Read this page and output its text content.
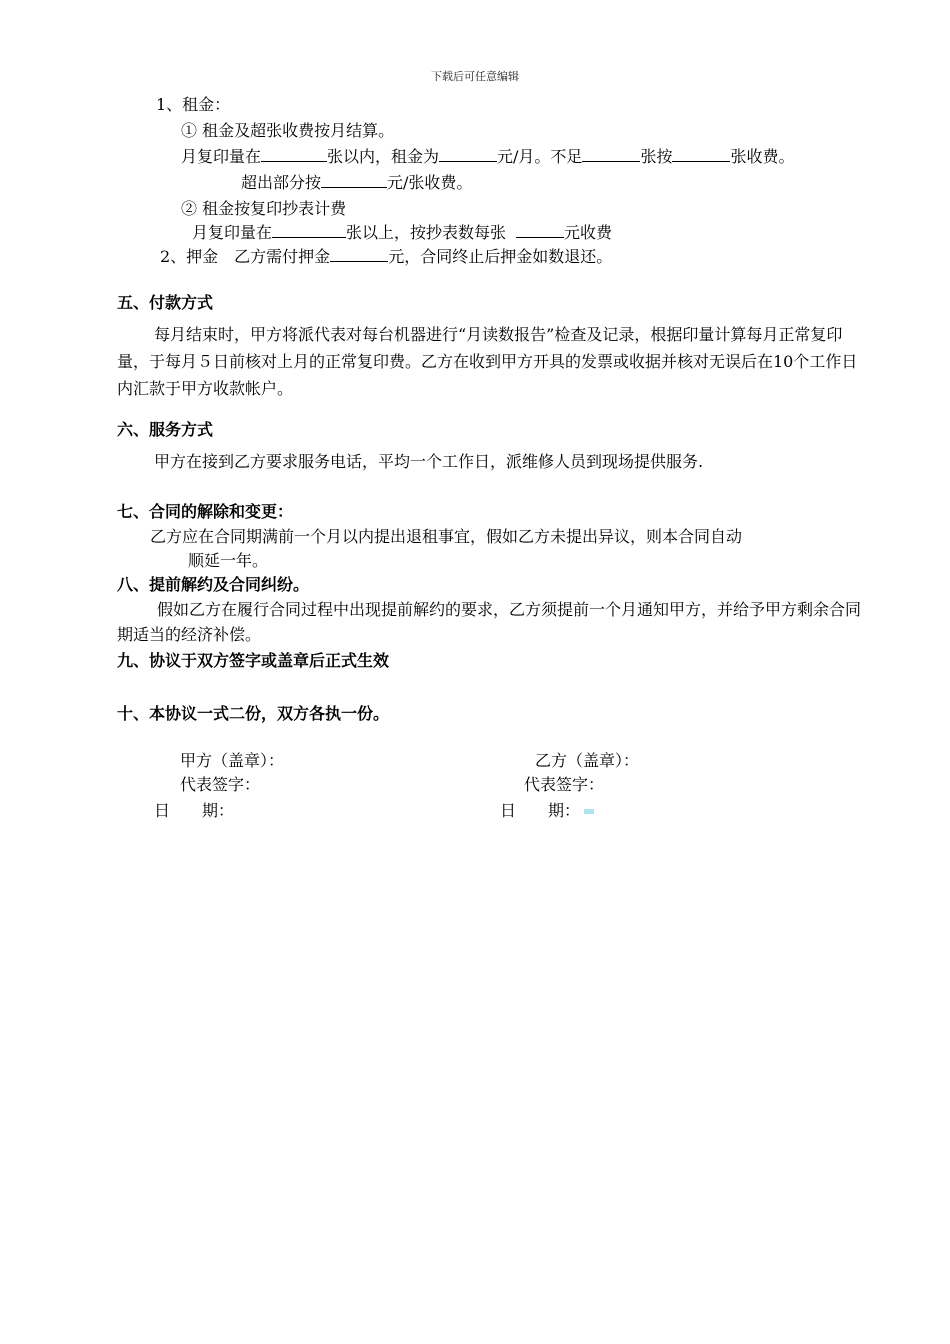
下载后可任意编辑
1、租金：
① 租金及超张收费按月结算。
月复印量在	张以内，租金为	元/月。不足	张按	张收费。
超出部分按	元/张收费。
② 租金按复印抄表计费
月复印量在	张以上，按抄表数每张	元收费
2、押金　乙方需付押金	元，合同终止后押金如数退还。
五、付款方式
每月结束时，甲方将派代表对每台机器进行“月读数报告”检查及记录，根据印量计算每月正常复印量，于每月５日前核对上月的正常复印费。乙方在收到甲方开具的发票或收据并核对无误后在10个工作日内汇款于甲方收款帐户。
六、服务方式
甲方在接到乙方要求服务电话，平均一个工作日，派维修人员到现场提供服务.
七、合同的解除和变更：
乙方应在合同期满前一个月以内提出退租事宜，假如乙方未提出异议，则本合同自动
顺延一年。
八、提前解约及合同纠纷。
假如乙方在履行合同过程中出现提前解约的要求，乙方须提前一个月通知甲方，并给予甲方剩余合同期适当的经济补偿。
九、协议于双方签字或盖章后正式生效
十、本协议一式二份，双方各执一份。
甲方（盖章）：
代表签字：
日　　期：
乙方（盖章）：
代表签字：
日　　期：
